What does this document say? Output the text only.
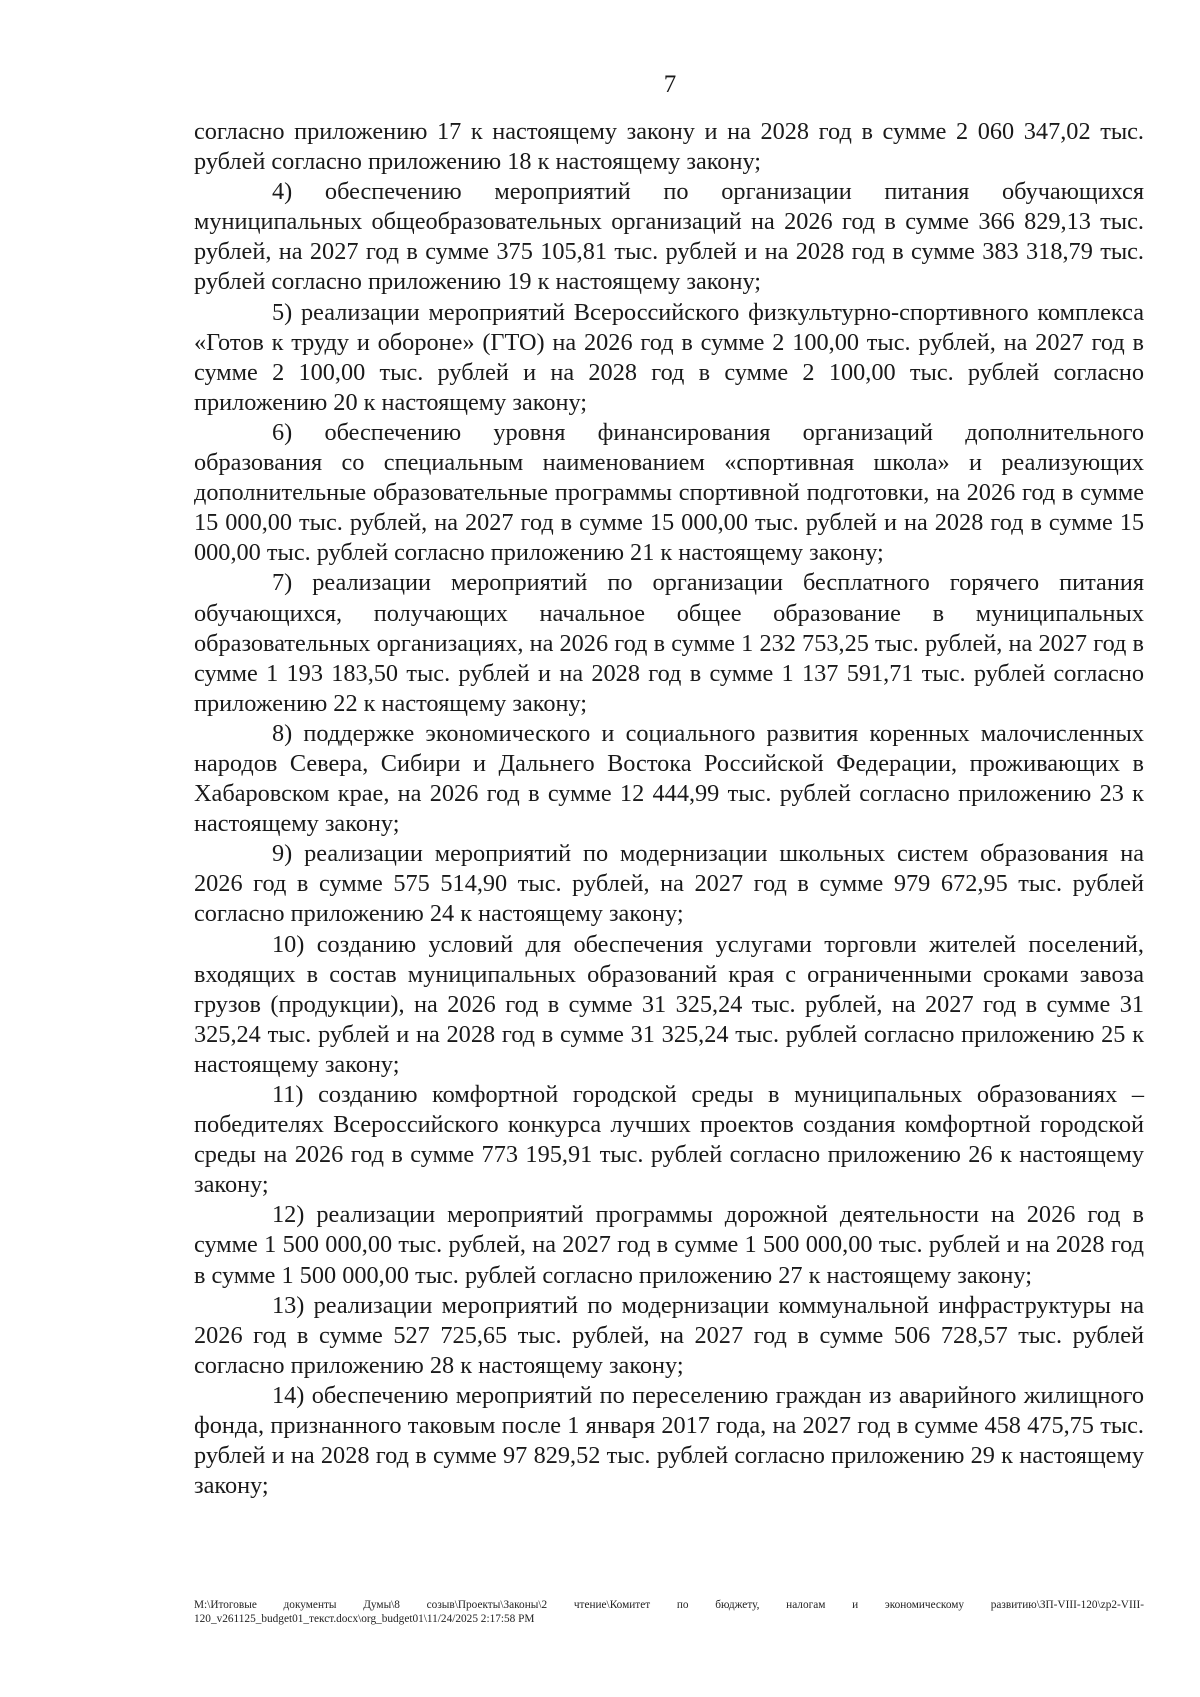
7

согласно приложению 17 к настоящему закону и на 2028 год в сумме 2 060 347,02 тыс. рублей согласно приложению 18 к настоящему закону;

4) обеспечению мероприятий по организации питания обучающихся муниципальных общеобразовательных организаций на 2026 год в сумме 366 829,13 тыс. рублей, на 2027 год в сумме 375 105,81 тыс. рублей и на 2028 год в сумме 383 318,79 тыс. рублей согласно приложению 19 к настоящему закону;

5) реализации мероприятий Всероссийского физкультурно-спортивного комплекса «Готов к труду и обороне» (ГТО) на 2026 год в сумме 2 100,00 тыс. рублей, на 2027 год в сумме 2 100,00 тыс. рублей и на 2028 год в сумме 2 100,00 тыс. рублей согласно приложению 20 к настоящему закону;

6) обеспечению уровня финансирования организаций дополнительного образования со специальным наименованием «спортивная школа» и реализующих дополнительные образовательные программы спортивной подготовки, на 2026 год в сумме 15 000,00 тыс. рублей, на 2027 год в сумме 15 000,00 тыс. рублей и на 2028 год в сумме 15 000,00 тыс. рублей согласно приложению 21 к настоящему закону;

7) реализации мероприятий по организации бесплатного горячего питания обучающихся, получающих начальное общее образование в муниципальных образовательных организациях, на 2026 год в сумме 1 232 753,25 тыс. рублей, на 2027 год в сумме 1 193 183,50 тыс. рублей и на 2028 год в сумме 1 137 591,71 тыс. рублей согласно приложению 22 к настоящему закону;

8) поддержке экономического и социального развития коренных малочисленных народов Севера, Сибири и Дальнего Востока Российской Федерации, проживающих в Хабаровском крае, на 2026 год в сумме 12 444,99 тыс. рублей согласно приложению 23 к настоящему закону;

9) реализации мероприятий по модернизации школьных систем образования на 2026 год в сумме 575 514,90 тыс. рублей, на 2027 год в сумме 979 672,95 тыс. рублей согласно приложению 24 к настоящему закону;

10) созданию условий для обеспечения услугами торговли жителей поселений, входящих в состав муниципальных образований края с ограниченными сроками завоза грузов (продукции), на 2026 год в сумме 31 325,24 тыс. рублей, на 2027 год в сумме 31 325,24 тыс. рублей и на 2028 год в сумме 31 325,24 тыс. рублей согласно приложению 25 к настоящему закону;

11) созданию комфортной городской среды в муниципальных образованиях – победителях Всероссийского конкурса лучших проектов создания комфортной городской среды на 2026 год в сумме 773 195,91 тыс. рублей согласно приложению 26 к настоящему закону;

12) реализации мероприятий программы дорожной деятельности на 2026 год в сумме 1 500 000,00 тыс. рублей, на 2027 год в сумме 1 500 000,00 тыс. рублей и на 2028 год в сумме 1 500 000,00 тыс. рублей согласно приложению 27 к настоящему закону;

13) реализации мероприятий по модернизации коммунальной инфраструктуры на 2026 год в сумме 527 725,65 тыс. рублей, на 2027 год в сумме 506 728,57 тыс. рублей согласно приложению 28 к настоящему закону;

14) обеспечению мероприятий по переселению граждан из аварийного жилищного фонда, признанного таковым после 1 января 2017 года, на 2027 год в сумме 458 475,75 тыс. рублей и на 2028 год в сумме 97 829,52 тыс. рублей согласно приложению 29 к настоящему закону;

M:\Итоговые документы Думы\8 созыв\Проекты\Законы\2 чтение\Комитет по бюджету, налогам и экономическому развитию\ЗП-VIII-120\zp2-VIII-120_v261125_budget01_текст.docx\org_budget01\11/24/2025 2:17:58 PM
